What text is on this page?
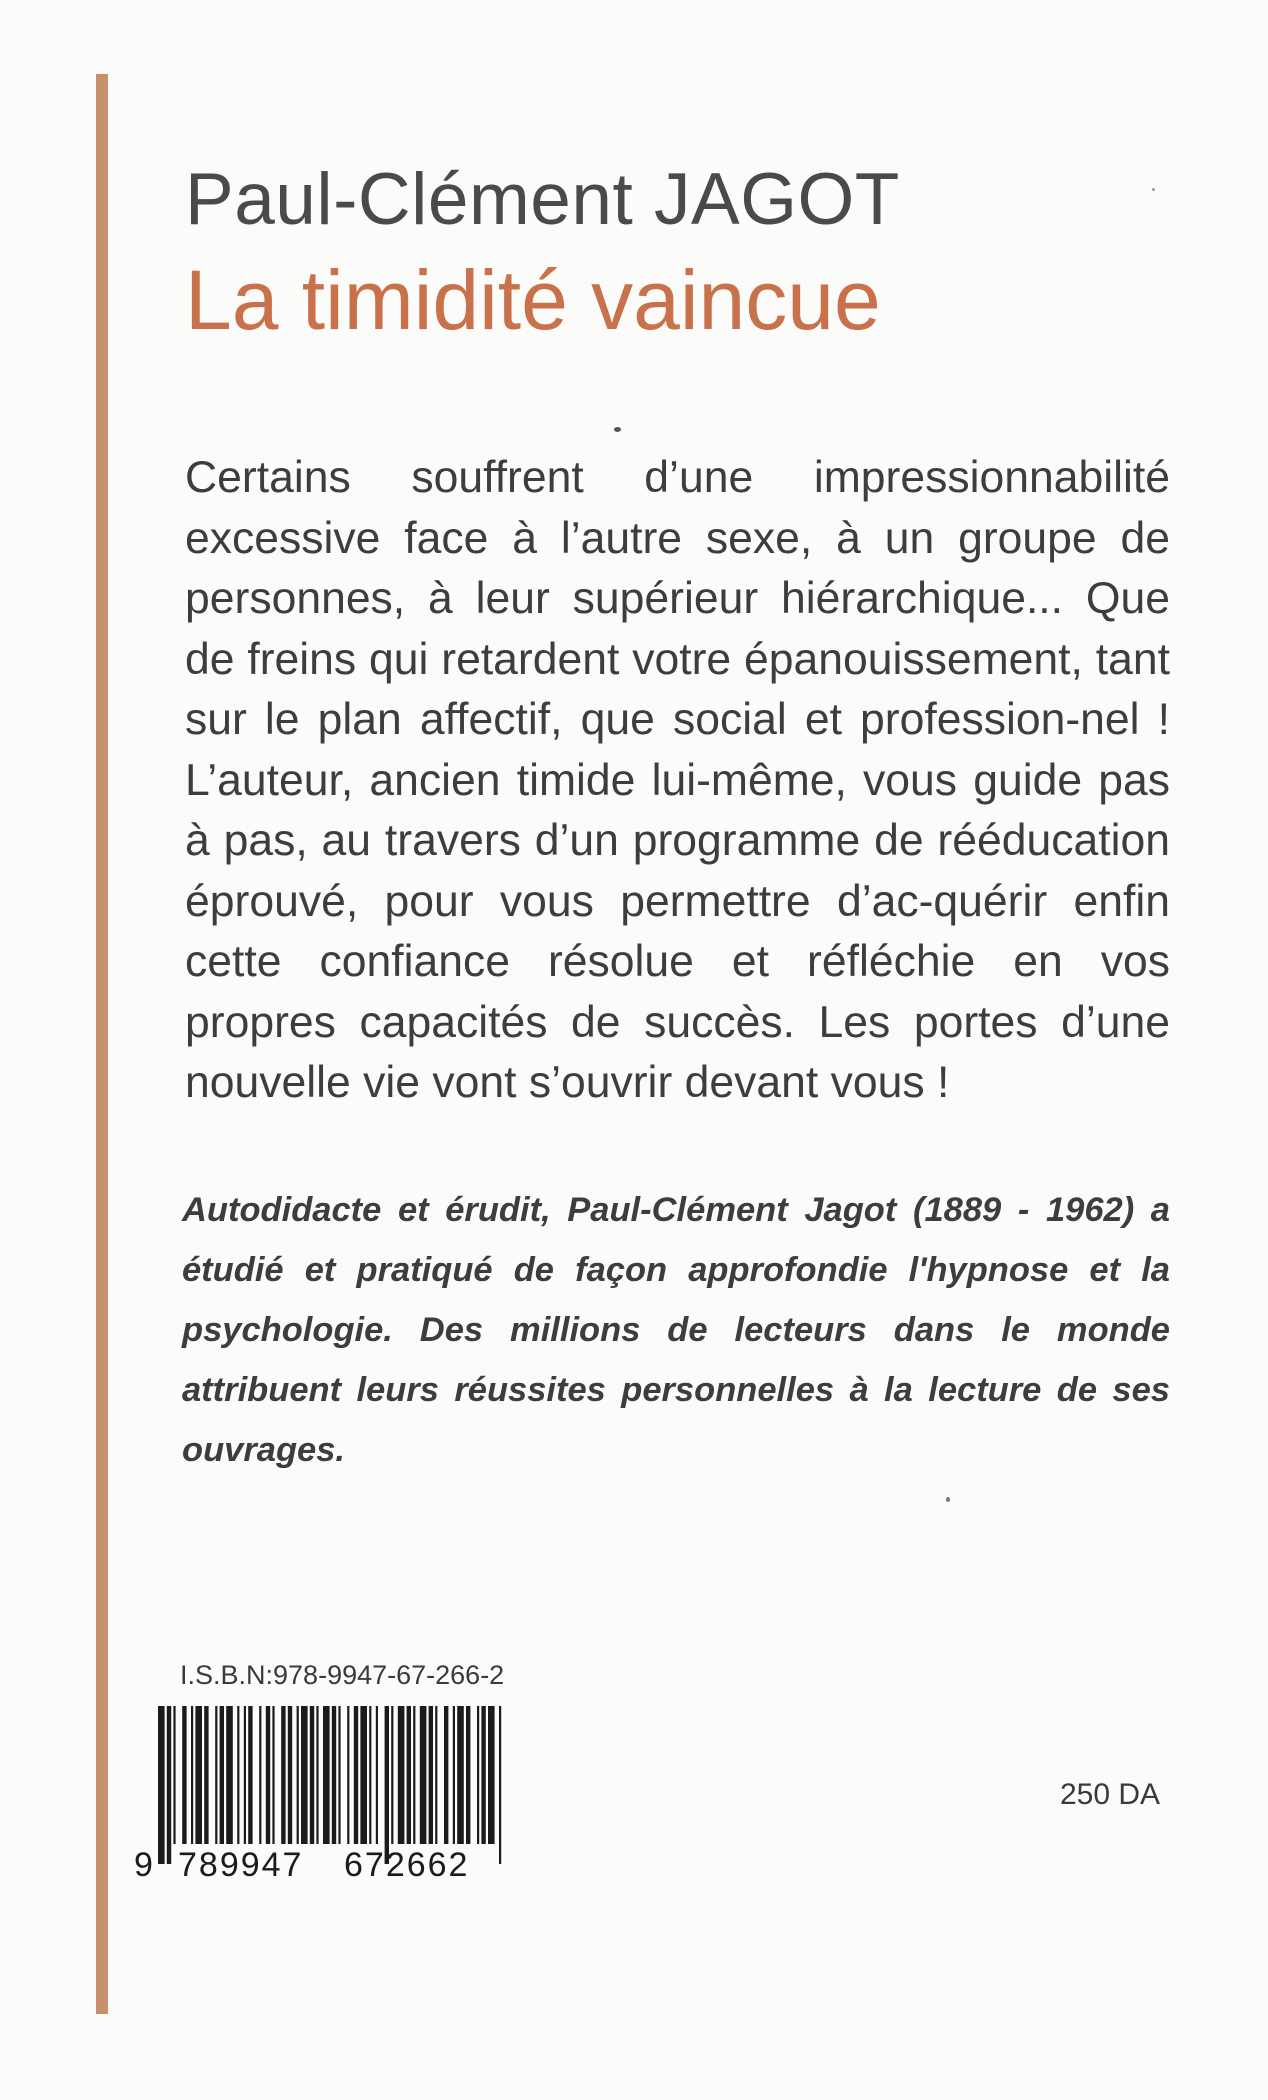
Paul-Clément JAGOT
La timidité vaincue
Certains souffrent d’une impressionnabilité excessive face à l’autre sexe, à un groupe de personnes, à leur supérieur hiérarchique... Que de freins qui retardent votre épanouissement, tant sur le plan affectif, que social et profession-nel ! L’auteur, ancien timide lui-même, vous guide pas à pas, au travers d’un programme de rééducation éprouvé, pour vous permettre d’ac-quérir enfin cette confiance résolue et réfléchie en vos propres capacités de succès. Les portes d’une nouvelle vie vont s’ouvrir devant vous !
Autodidacte et érudit, Paul-Clément Jagot (1889 - 1962) a étudié et pratiqué de façon approfondie l'hypnose et la psychologie. Des millions de lecteurs dans le monde attribuent leurs réussites personnelles à la lecture de ses ouvrages.
I.S.B.N:978-9947-67-266-2
9 789947 672662
250 DA
